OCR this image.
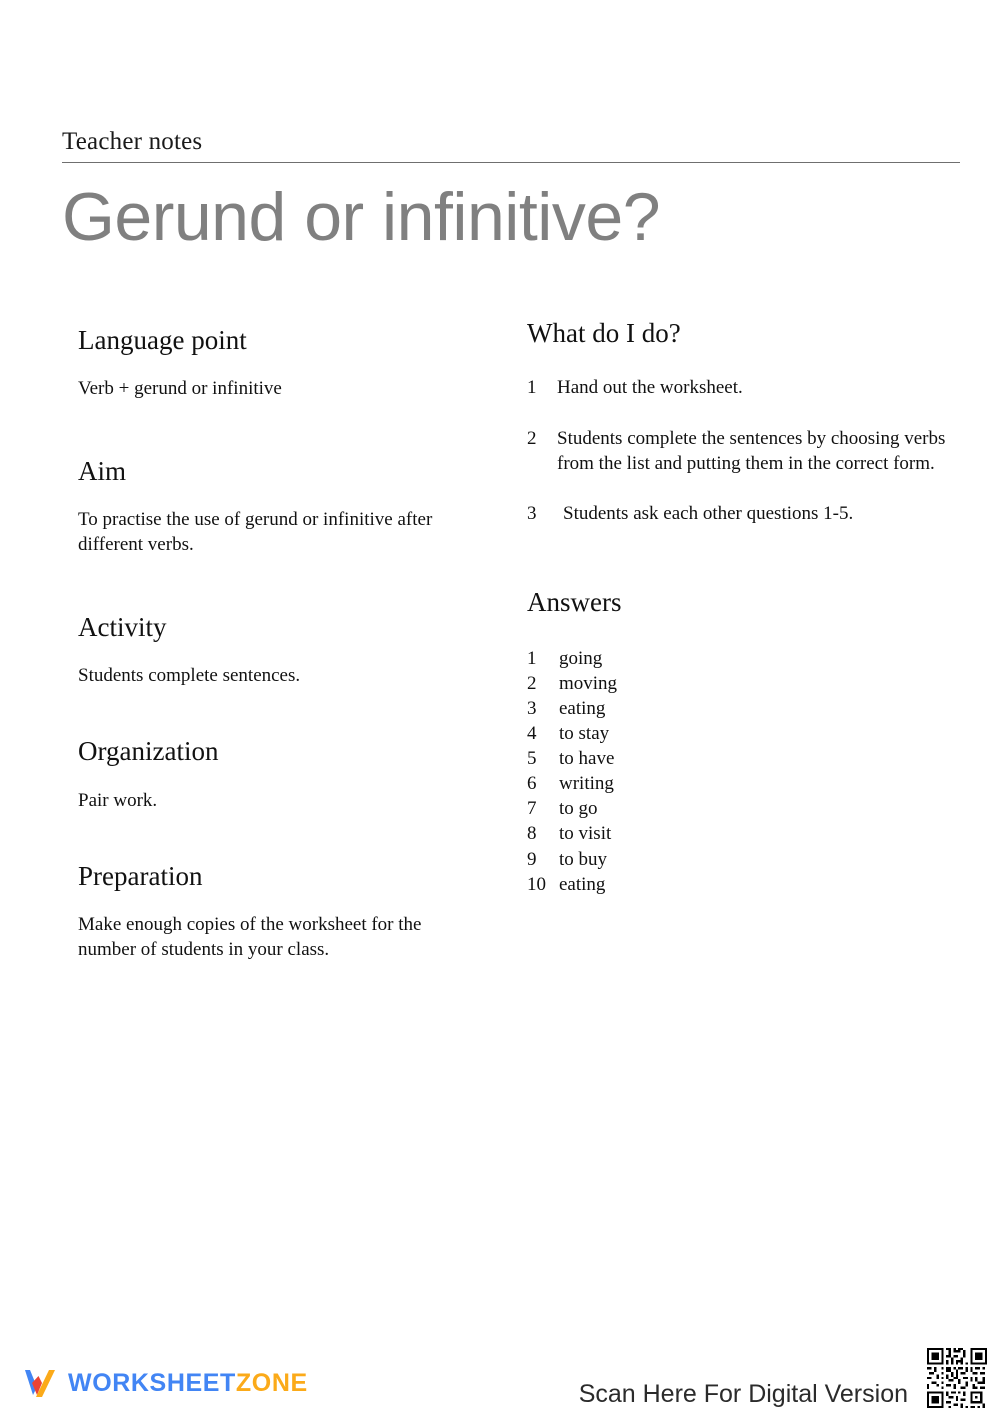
Teacher notes
Gerund or infinitive?
Language point
Verb + gerund or infinitive
Aim
To practise the use of gerund or infinitive after different verbs.
Activity
Students complete sentences.
Organization
Pair work.
Preparation
Make enough copies of the worksheet for the number of students in your class.
What do I do?
1	Hand out the worksheet.
2	Students complete the sentences by choosing verbs from the list and putting them in the correct form.
3	Students ask each other questions 1-5.
Answers
1	going
2	moving
3	eating
4	to stay
5	to have
6	writing
7	to go
8	to visit
9	to buy
10 eating
WORKSHEETZONE	Scan Here For Digital Version
